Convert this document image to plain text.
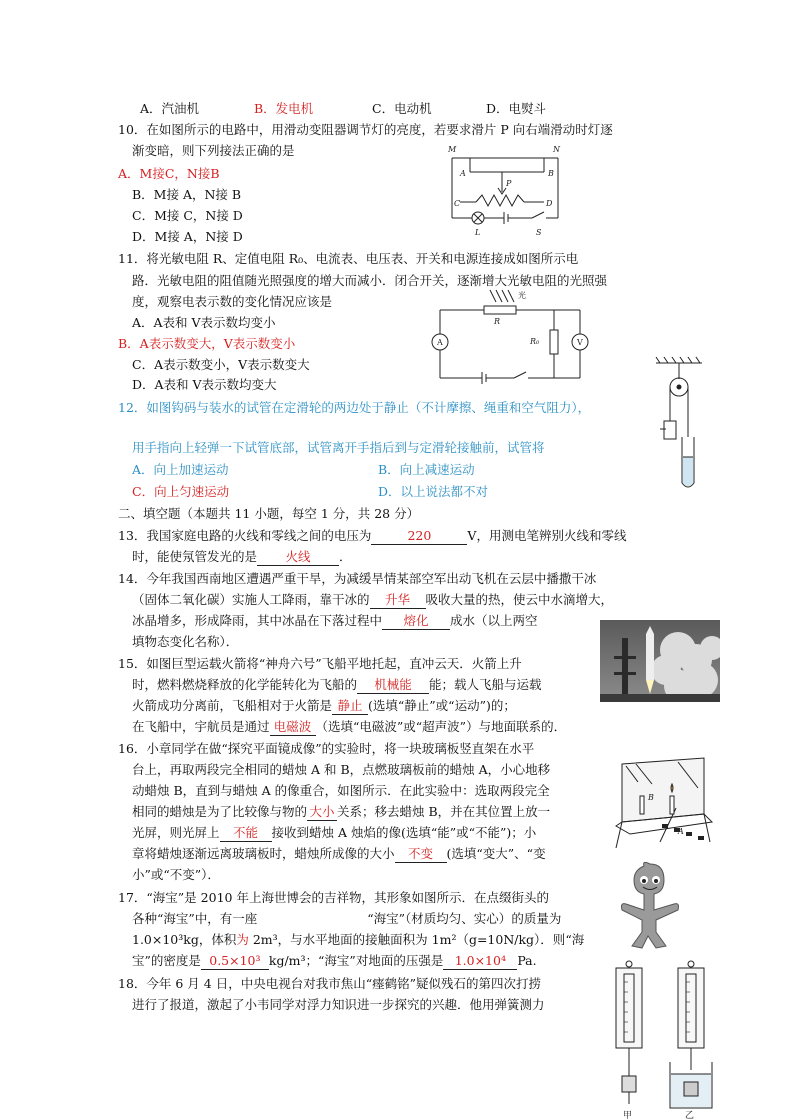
A．汽油机	B．发电机	C．电动机	D．电熨斗
10．在如图所示的电路中，用滑动变阻器调节灯的亮度，若要求滑片 P 向右端滑动时灯逐
渐变暗，则下列接法正确的是
A．M接C，N接B
B．M接 A，N接 B
C．M接 C，N接 D
D．M接 A，N接 D
M	N
A	B
P
C	D
L	S
11．将光敏电阻 R、定值电阻 R₀、电流表、电压表、开关和电源连接成如图所示电
路．光敏电阻的阻值随光照强度的增大而减小．闭合开关，逐渐增大光敏电阻的光照强
度，观察电表示数的变化情况应该是
A．A表和 V表示数均变小
B．A表示数变大，V表示数变小
C．A表示数变小，V表示数变大
D．A表和 V表示数均变大
光
R
R₀
A	V
12．如图钩码与装水的试管在定滑轮的两边处于静止（不计摩擦、绳重和空气阻力），
用手指向上轻弹一下试管底部，试管离开手指后到与定滑轮接触前，试管将
A．向上加速运动	B．向上减速运动
C．向上匀速运动	D．以上说法都不对
二、填空题（本题共 11 小题，每空 1 分，共 28 分）
13．我国家庭电路的火线和零线之间的电压为	220	V，用测电笔辨别火线和零线
时，能使氖管发光的是 火线 ．
14．今年我国西南地区遭遇严重干旱，为减缓旱情某部空军出动飞机在云层中播撒干冰
（固体二氧化碳）实施人工降雨，靠干冰的 升华 吸收大量的热，使云中水滴增大，
冰晶增多，形成降雨，其中冰晶在下落过程中 熔化 成水（以上两空
填物态变化名称）．
15．如图巨型运载火箭将“神舟六号”飞船平地托起，直冲云天．火箭上升
时，燃料燃烧释放的化学能转化为飞船的 机械能 能；载人飞船与运载
火箭成功分离前，飞船相对于火箭是 静止 (选填“静止”或“运动”)的；
在飞船中，宇航员是通过 电磁波 （选填“电磁波”或“超声波”）与地面联系的．
16．小章同学在做“探究平面镜成像”的实验时，将一块玻璃板竖直架在水平
台上，再取两段完全相同的蜡烛 A 和 B，点燃玻璃板前的蜡烛 A，小心地移
动蜡烛 B，直到与蜡烛 A 的像重合，如图所示．在此实验中：选取两段完全
相同的蜡烛是为了比较像与物的 大小 关系；移去蜡烛 B，并在其位置上放一
光屏，则光屏上 不能 接收到蜡烛 A 烛焰的像(选填“能”或“不能”)；小
章将蜡烛逐渐远离玻璃板时，蜡烛所成像的大小 不变 (选填“变大”、“变
小”或“不变”）．
B
A
17．“海宝”是 2010 年上海世博会的吉祥物，其形象如图所示．在点缀街头的
各种“海宝”中，有一座	“海宝”（材质均匀、实心）的质量为
1.0×10³kg，体积为 2m³，与水平地面的接触面积为 1m²（g=10N/kg）．则“海
宝”的密度是 0.5×10³ kg/m³；“海宝”对地面的压强是 1.0×10⁴ Pa.
18．今年 6 月 4 日，中央电视台对我市焦山“瘗鹤铭”疑似残石的第四次打捞
进行了报道，激起了小韦同学对浮力知识进一步探究的兴趣．他用弹簧测力
甲	乙
